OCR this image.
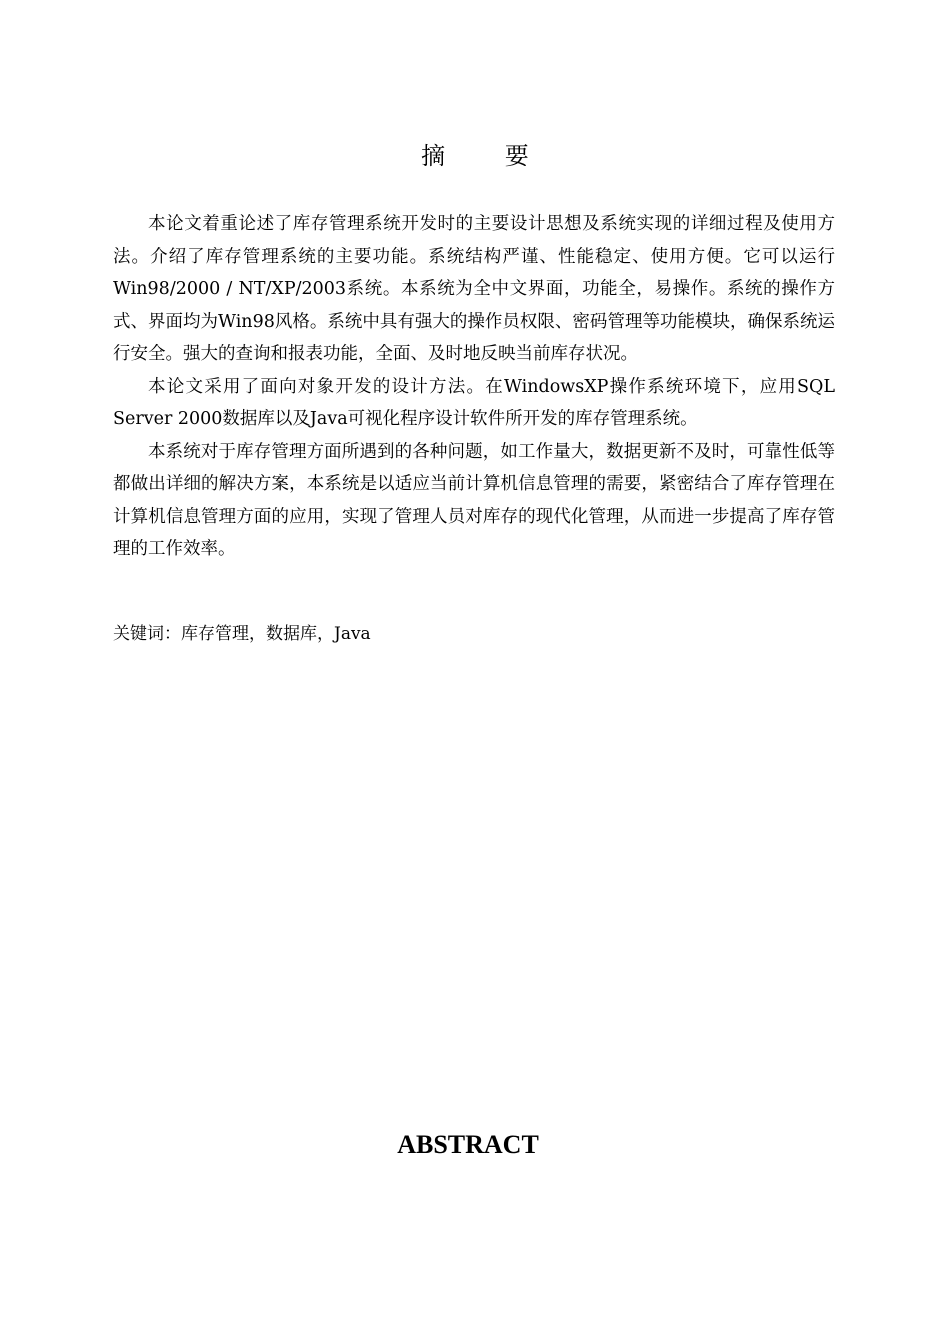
摘 要

本论文着重论述了库存管理系统开发时的主要设计思想及系统实现的详细过程及使用方法。介绍了库存管理系统的主要功能。系统结构严谨、性能稳定、使用方便。它可以运行Win98/2000 / NT/XP/2003系统。本系统为全中文界面，功能全，易操作。系统的操作方式、界面均为Win98风格。系统中具有强大的操作员权限、密码管理等功能模块，确保系统运行安全。强大的查询和报表功能，全面、及时地反映当前库存状况。

本论文采用了面向对象开发的设计方法。在WindowsXP操作系统环境下，应用SQL Server 2000数据库以及Java可视化程序设计软件所开发的库存管理系统。

本系统对于库存管理方面所遇到的各种问题，如工作量大，数据更新不及时，可靠性低等都做出详细的解决方案，本系统是以适应当前计算机信息管理的需要，紧密结合了库存管理在计算机信息管理方面的应用，实现了管理人员对库存的现代化管理，从而进一步提高了库存管理的工作效率。

关键词：库存管理，数据库，Java
ABSTRACT
